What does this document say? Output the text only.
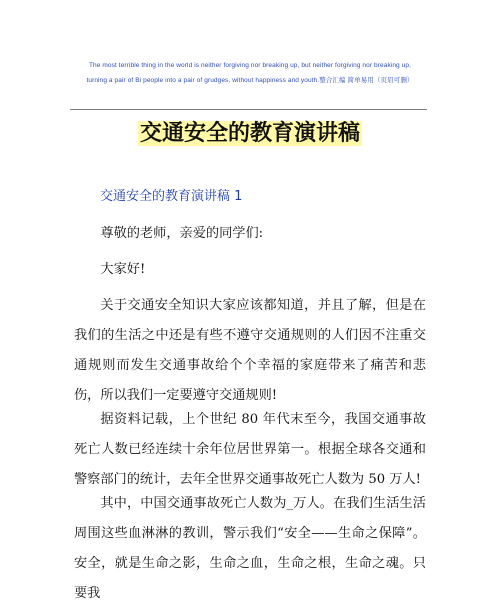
The most terrible thing in the world is neither forgiving nor breaking up, but neither forgiving nor breaking up,
turning a pair of Bi people into a pair of grudges, without happiness and youth.整合汇编 简单易用（页眉可删）
交通安全的教育演讲稿
交通安全的教育演讲稿 1
尊敬的老师，亲爱的同学们:
大家好!
关于交通安全知识大家应该都知道，并且了解，但是在我们的生活之中还是有些不遵守交通规则的人们因不注重交通规则而发生交通事故给个个幸福的家庭带来了痛苦和悲伤，所以我们一定要遵守交通规则!
据资料记载，上个世纪 80 年代末至今，我国交通事故死亡人数已经连续十余年位居世界第一。根据全球各交通和警察部门的统计，去年全世界交通事故死亡人数为 50 万人!
其中，中国交通事故死亡人数为_万人。在我们生活生活周围这些血淋淋的教训，警示我们“安全——生命之保障”。安全，就是生命之影，生命之血，生命之根，生命之魂。只要我
